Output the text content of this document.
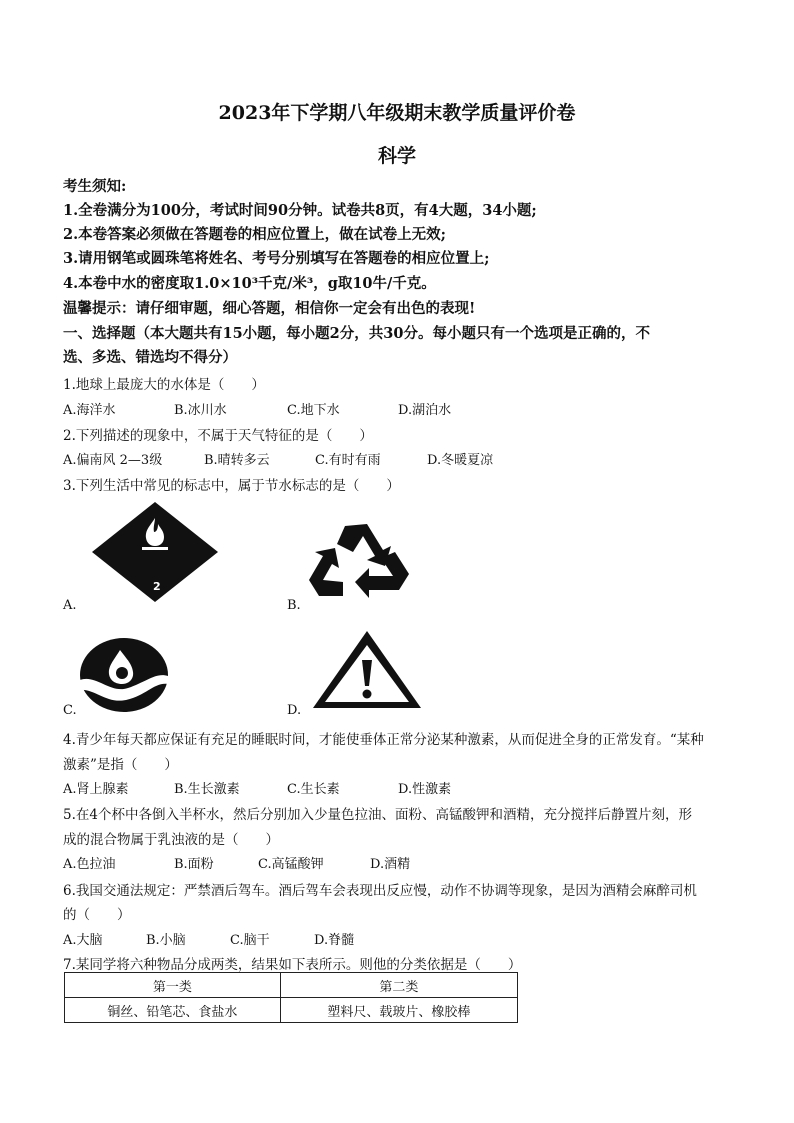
2023年下学期八年级期末教学质量评价卷
科学
考生须知:
1.全卷满分为100分，考试时间90分钟。试卷共8页，有4大题，34小题;
2.本卷答案必须做在答题卷的相应位置上，做在试卷上无效;
3.请用钢笔或圆珠笔将姓名、考号分别填写在答题卷的相应位置上;
4.本卷中水的密度取1.0×10³千克/米³，g取10牛/千克。
温馨提示：请仔细审题，细心答题，相信你一定会有出色的表现!
一、选择题（本大题共有15小题，每小题2分，共30分。每小题只有一个选项是正确的，不
选、多选、错选均不得分）
1.地球上最庞大的水体是（　　）
A.海洋水	B.冰川水	C.地下水	D.湖泊水
2.下列描述的现象中，不属于天气特征的是（　　）
A.偏南风 2—3级	B.晴转多云	C.有时有雨	D.冬暖夏凉
3.下列生活中常见的标志中，属于节水标志的是（　　）
2
A.	B.
C.	D.
4.青少年每天都应保证有充足的睡眠时间，才能使垂体正常分泌某种激素，从而促进全身的正常发育。“某种
激素”是指（　　）
A.肾上腺素	B.生长激素	C.生长素	D.性激素
5.在4个杯中各倒入半杯水，然后分别加入少量色拉油、面粉、高锰酸钾和酒精，充分搅拌后静置片刻，形
成的混合物属于乳浊液的是（　　）
A.色拉油	B.面粉	C.高锰酸钾	D.酒精
6.我国交通法规定：严禁酒后驾车。酒后驾车会表现出反应慢，动作不协调等现象，是因为酒精会麻醉司机
的（　　）
A.大脑	B.小脑	C.脑干	D.脊髓
7.某同学将六种物品分成两类，结果如下表所示。则他的分类依据是（　　）
第一类	第二类
铜丝、铅笔芯、食盐水	塑料尺、载玻片、橡胶棒
